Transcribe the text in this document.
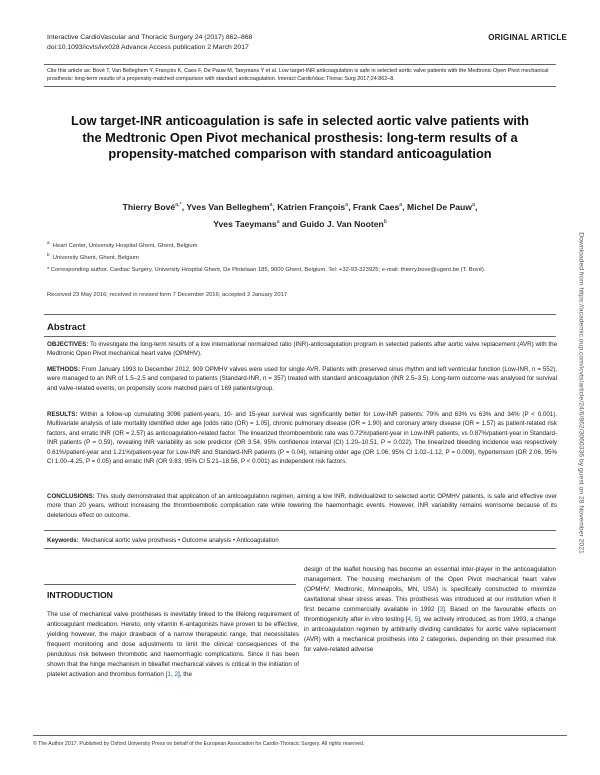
Interactive CardioVascular and Thoracic Surgery 24 (2017) 862–868
doi:10.1093/icvts/ivx028 Advance Access publication 2 March 2017
ORIGINAL ARTICLE
Cite this article as: Bové T, Van Belleghem Y, François K, Caes F, De Pauw M, Taeymans Y et al. Low target-INR anticoagulation is safe in selected aortic valve patients with the Medtronic Open Pivot mechanical prosthesis: long-term results of a propensity-matched comparison with standard anticoagulation. Interact CardioVasc Thorac Surg 2017;24:862–8.
Low target-INR anticoagulation is safe in selected aortic valve patients with the Medtronic Open Pivot mechanical prosthesis: long-term results of a propensity-matched comparison with standard anticoagulation
Thierry Bové$^{a,*}$, Yves Van Belleghem$^a$, Katrien François$^a$, Frank Caes$^a$, Michel De Pauw$^a$,
Yves Taeymans$^a$ and Guido J. Van Nooten$^b$
$^a$  Heart Center, University Hospital Ghent, Ghent, Belgium
$^b$  University Ghent, Ghent, Belgium
* Corresponding author. Cardiac Surgery, University Hospital Ghent, De Pintelaan 185, 9000 Ghent, Belgium. Tel: +32-93-323925; e-mail: thierry.bove@ugent.be (T. Bové).
Received 23 May 2016; received in revised form 7 December 2016; accepted 2 January 2017
Abstract
OBJECTIVES: To investigate the long-term results of a low international normalized ratio (INR)-anticoagulation program in selected patients after aortic valve replacement (AVR) with the Medtronic Open Pivot mechanical heart valve (OPMHV).
METHODS: From January 1993 to December 2012, 909 OPMHV valves were used for single AVR. Patients with preserved sinus rhythm and left ventricular function (Low-INR, n = 552), were managed to an INR of 1.5–2.5 and compared to patients (Standard-INR, n = 357) treated with standard anticoagulation (INR 2.5–3.5). Long-term outcome was analysed for survival and valve-related events, on propensity score matched pairs of 169 patients/group.
RESULTS: Within a follow-up cumulating 3096 patient-years, 10- and 15-year survival was significantly better for Low-INR patients: 79% and 63% vs 63% and 34% (P < 0.001). Multivariate analysis of late mortality identified older age [odds ratio (OR) = 1.05], chronic pulmonary disease (OR = 1.90) and coronary artery disease (OR = 1.57) as patient-related risk factors, and erratic INR (OR = 2.57) as anticoagulation-related factor. The linearized thromboembolic rate was 0.72%/patient-year in Low-INR patients, vs 0.87%/patient-year in Standard-INR patients (P = 0.59), revealing INR variability as sole predictor (OR 3.54, 95% confidence interval (CI) 1.20–10.51, P = 0.022). The linearized bleeding incidence was respectively 0.61%/patient-year and 1.21%/patient-year for Low-INR and Standard-INR patients (P = 0.04), retaining older age (OR 1.06, 95% CI 1.02–1.12, P = 0.009), hypertension (OR 2.06, 95% CI 1.00–4.25, P = 0.05) and erratic INR (OR 9.83, 95% CI 5.21–18.56, P < 0.001) as independent risk factors.
CONCLUSIONS: This study demonstrated that application of an anticoagulation regimen, aiming a low INR, individualized to selected aortic OPMHV patients, is safe and effective over more than 20 years, without increasing the thromboembolic complication rate while lowering the haemorrhagic events. However, INR variability remains worrisome because of its deleterious effect on outcome.
Keywords: Mechanical aortic valve prosthesis • Outcome analysis • Anticoagulation
INTRODUCTION
The use of mechanical valve prostheses is inevitably linked to the lifelong requirement of anticoagulant medication. Hereto, only vitamin K-antagonists have proven to be effective, yielding however, the major drawback of a narrow therapeutic range, that necessitates frequent monitoring and dose adjustments to limit the clinical consequences of the pendulous risk between thrombotic and haemorrhagic complications. Since it has been shown that the hinge mechanism in bileaflet mechanical valves is critical in the initiation of platelet activation and thrombus formation [1, 2], the
design of the leaflet housing has become an essential inter-player in the anticoagulation management. The housing mechanism of the Open Pivot mechanical heart valve (OPMHV; Medtronic, Minneapolis, MN, USA) is specifically constructed to minimize cavitational shear stress areas. This prosthesis was introduced at our institution when it first became commercially available in 1992 [3]. Based on the favourable effects on thrombogenicity after in vitro testing [4, 5], we actively introduced, as from 1993, a change in anticoagulation regimen by arbitrarily dividing candidates for aortic valve replacement (AVR) with a mechanical prosthesis into 2 categories, depending on their presumed risk for valve-related adverse
© The Author 2017. Published by Oxford University Press on behalf of the European Association for Cardio-Thoracic Surgery. All rights reserved.
Downloaded from https://academic.oup.com/icvts/article/24/6/862/3060336 by guest on 28 November 2021
